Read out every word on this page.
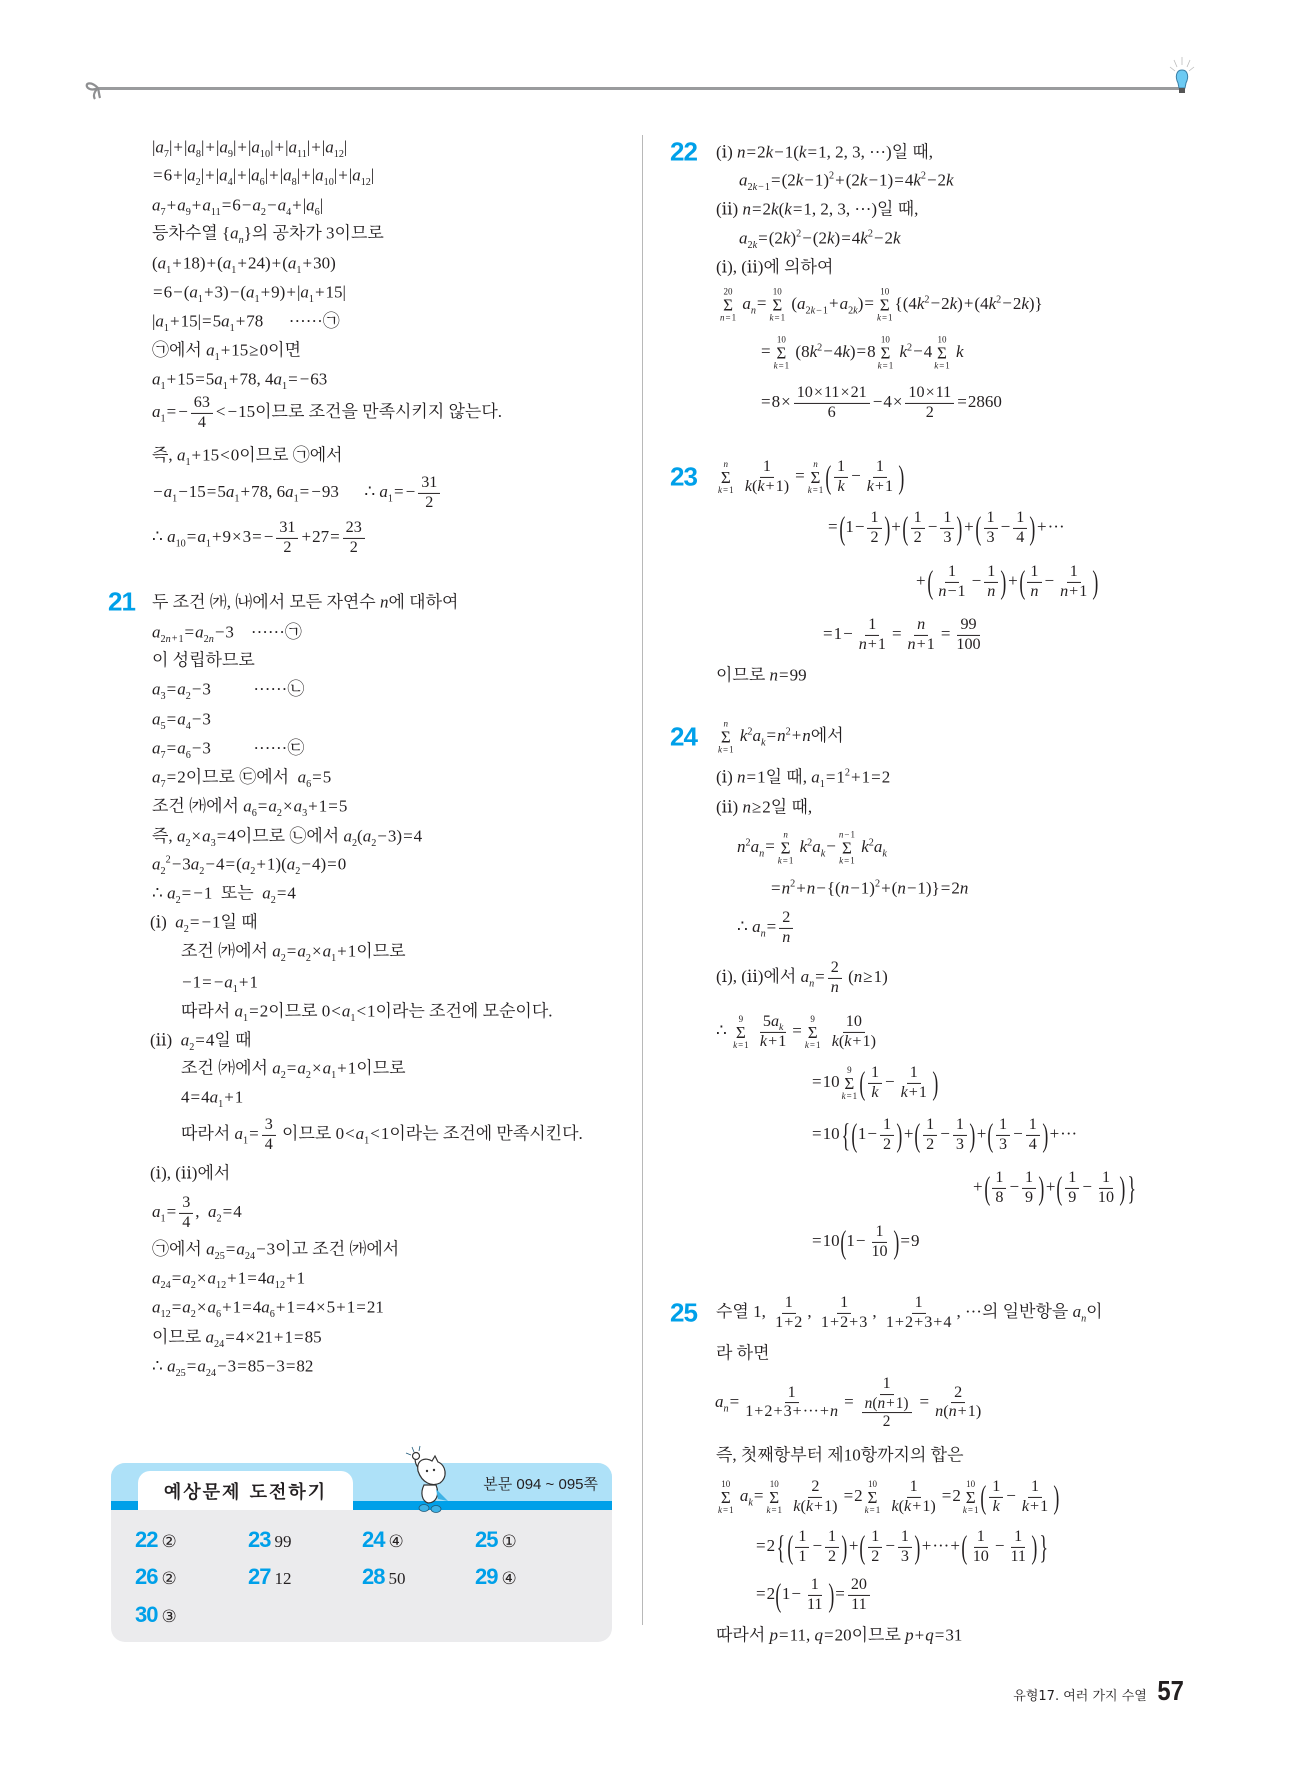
$|a_7|+|a_8|+|a_9|+|a_{10}|+|a_{11}|+|a_{12}|$
$=6+|a_2|+|a_4|+|a_6|+|a_8|+|a_{10}|+|a_{12}|$
$a_7+a_9+a_{11}=6-a_2-a_4+|a_6|$
등차수열 $\{a_n\}$의 공차가 3이므로
$(a_1+18)+(a_1+24)+(a_1+30)$
$=6-(a_1+3)-(a_1+9)+|a_1+15|$
$|a_1+15|=5a_1+78$      ······㉠
㉠에서 $a_1+15\ge 0$이면
$a_1+15=5a_1+78$, $4a_1= -63$
$a_1= - \frac{63}{4} < -15$이므로 조건을 만족시키지 않는다.
즉, $a_1+15<0$이므로 ㉠에서
$-a_1-15=5a_1+78$, $6a_1= -93$      ∴ $a_1= - \frac{31}{2}$
∴ $a_{10}=a_1+9\times 3= - \frac{31}{2} +27= \frac{23}{2}$
21 두 조건 ㈎, ㈏에서 모든 자연수 n에 대하여
$a_{2n+1}=a_{2n}-3$    ······㉠
이 성립하므로
$a_3=a_2-3$          ······㉡
$a_5=a_4-3$
$a_7=a_6-3$          ······㉢
$a_7=2$이므로 ㉢에서  $a_6=5$
조건 ㈎에서 $a_6=a_2\times a_3+1=5$
즉, $a_2\times a_3=4$이므로 ㉡에서 $a_2(a_2-3)=4$
$a_2^2-3a_2-4=(a_2+1)(a_2-4)=0$
∴ $a_2= -1$  또는  $a_2=4$
(ⅰ)  $a_2= -1$일 때
조건 ㈎에서 $a_2=a_2\times a_1+1$이므로
$-1= -a_1+1$
따라서 $a_1=2$이므로 $0<a_1<1$이라는 조건에 모순이다.
(ⅱ)  $a_2=4$일 때
조건 ㈎에서 $a_2=a_2\times a_1+1$이므로
$4=4a_1+1$
따라서 $a_1= \frac{3}{4}$ 이므로 $0<a_1<1$이라는 조건에 만족시킨다.
(ⅰ), (ⅱ)에서
$a_1= \frac{3}{4}$ ,  $a_2=4$
㉠에서 $a_{25}=a_{24}-3$이고 조건 ㈎에서
$a_{24}=a_2\times a_{12}+1=4a_{12}+1$
$a_{12}=a_2\times a_6+1=4a_6+1=4\times 5+1=21$
이므로 $a_{24}=4\times 21+1=85$
∴ $a_{25}=a_{24}-3=85-3=82$
예상문제 도전하기	본문 094 ~ 095쪽
22 ②	23 99	24 ④	25 ①
26 ②	27 12	28 50	29 ④
30 ③
22 (ⅰ) n=2k−1(k=1, 2, 3, ···)일 때,
$a_{2k-1}=(2k-1)^2+(2k-1)=4k^2-2k$
(ⅱ) n=2k(k=1, 2, 3, ···)일 때,
$a_{2k}=(2k)^2-(2k)=4k^2-2k$
(ⅰ), (ⅱ)에 의하여
20
Σ
n=1
$a_n=$
10
Σ
k=1
$(a_{2k-1}+a_{2k})=$
10
Σ
k=1
$\{(4k^2-2k)+(4k^2-2k)\}$
=
10
Σ
k=1
$(8k^2-4k)=8$
10
Σ
k=1
$k^2-4$
10
Σ
k=1
k
$=8\times \frac{10\times 11\times 21}{6} -4\times \frac{10\times 11}{2} =2860$
23	n
Σ
k=1
$\frac{1}{k(k+1)}$ =
n
Σ
k=1 ( $\frac{1}{k} - \frac{1}{k+1}$ )
$=(1- \frac{1}{2}$ )+( $\frac{1}{2} - \frac{1}{3}$ )+( $\frac{1}{3} - \frac{1}{4}$ )+···
+( $\frac{1}{n-1} - \frac{1}{n}$ )+( $\frac{1}{n} - \frac{1}{n+1}$ )
$=1- \frac{1}{n+1} = \frac{n}{n+1} = \frac{99}{100}$
이므로 n=99
24	n
Σ
k=1
$k^2a_k=n^2+n$에서
(ⅰ) n=1일 때, $a_1=1^2+1=2$
(ⅱ) n≥2일 때,
$n^2a_n=$
n
Σ
k=1
$k^2a_k-$
n−1
Σ
k=1
$k^2a_k$
$=n^2+n-\{(n-1)^2+(n-1)\}=2n$
∴ $a_n= \frac{2}{n}$
(ⅰ), (ⅱ)에서 $a_n= \frac{2}{n} (n\ge 1)$
∴
9
Σ
k=1
$\frac{5a_k}{k+1}$ =
9
Σ
k=1
$\frac{10}{k(k+1)}$
=10
9
Σ
k=1 ( $\frac{1}{k} - \frac{1}{k+1}$ )
$=10\{(1- \frac{1}{2}$ )+( $\frac{1}{2} - \frac{1}{3}$ )+( $\frac{1}{3} - \frac{1}{4}$ )+···
+( $\frac{1}{8} - \frac{1}{9}$ )+( $\frac{1}{9} - \frac{1}{10}$ )}
$=10(1- \frac{1}{10} )=9$
25 수열 1, $\frac{1}{1+2}$ , $\frac{1}{1+2+3}$ , $\frac{1}{1+2+3+4}$ , ···의 일반항을 $a_n$이
라 하면
$a_n= \frac{1}{1+2+3+\cdot\cdot\cdot+n} = \frac{1}{\frac{n(n+1)}{2}} = \frac{2}{n(n+1)}$
즉, 첫째항부터 제10항까지의 합은
10
Σ
k=1
$a_k=$
10
Σ
k=1
$\frac{2}{k(k+1)} =2$
10
Σ
k=1
$\frac{1}{k(k+1)} =2$
10
Σ
k=1 ( $\frac{1}{k} - \frac{1}{k+1}$ )
$=2\{( \frac{1}{1} - \frac{1}{2}$ )+( $\frac{1}{2} - \frac{1}{3}$ )+···+( $\frac{1}{10} - \frac{1}{11}$ )}
$=2(1- \frac{1}{11}$ )= $\frac{20}{11}$
따라서 p=11, q=20이므로 p+q=31
유형17. 여러 가지 수열 57
